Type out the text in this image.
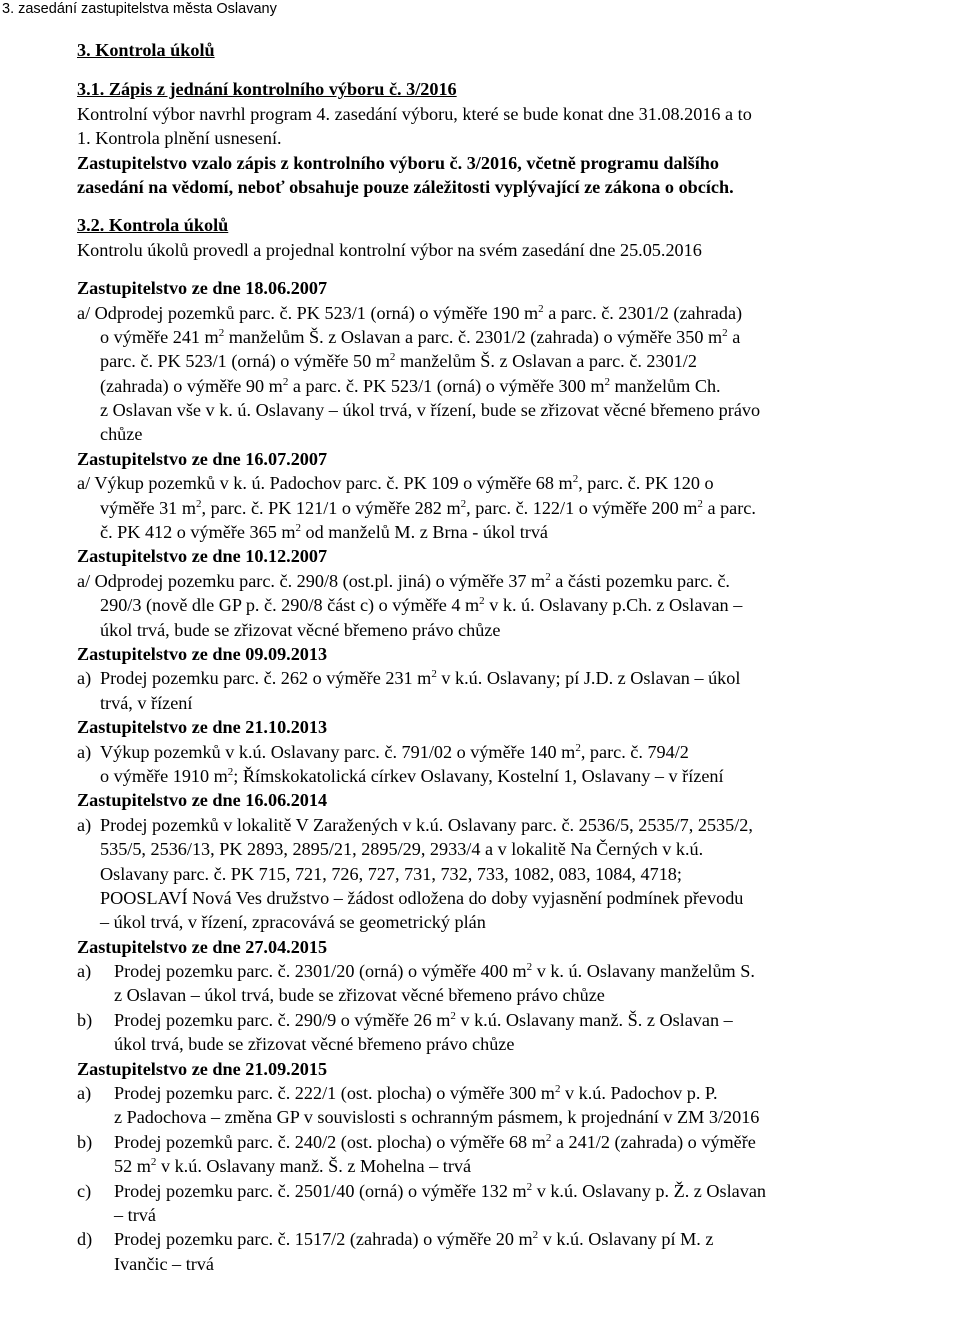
3. zasedání zastupitelstva města Oslavany
3. Kontrola úkolů
3.1. Zápis z jednání kontrolního výboru č. 3/2016
Kontrolní výbor navrhl program 4. zasedání výboru, které se bude konat dne 31.08.2016 a to
1. Kontrola plnění usnesení.
Zastupitelstvo vzalo zápis z kontrolního výboru č. 3/2016, včetně programu dalšího
zasedání na vědomí, neboť obsahuje pouze záležitosti vyplývající ze zákona o obcích.
3.2. Kontrola úkolů
Kontrolu úkolů provedl a projednal kontrolní výbor na svém zasedání dne 25.05.2016
Zastupitelstvo ze dne 18.06.2007
a/ Odprodej pozemků parc. č. PK 523/1 (orná) o výměře 190 $m^2$ a parc. č. 2301/2 (zahrada)
o výměře 241 $m^2$ manželům Š. z Oslavan a parc. č. 2301/2 (zahrada) o výměře 350 $m^2$ a
parc. č. PK 523/1 (orná) o výměře 50 $m^2$ manželům Š. z Oslavan a parc. č. 2301/2
(zahrada) o výměře 90 $m^2$ a parc. č. PK 523/1 (orná) o výměře 300 $m^2$ manželům Ch.
z Oslavan vše v k. ú. Oslavany – úkol trvá, v řízení, bude se zřizovat věcné břemeno právo
chůze
Zastupitelstvo ze dne 16.07.2007
a/ Výkup pozemků v k. ú. Padochov parc. č. PK 109 o výměře 68 $m^2$, parc. č. PK 120 o
výměře 31 $m^2$, parc. č. PK 121/1 o výměře 282 $m^2$, parc. č. 122/1 o výměře 200 $m^2$ a parc.
č. PK 412 o výměře 365 $m^2$ od manželů M. z Brna - úkol trvá
Zastupitelstvo ze dne 10.12.2007
a/ Odprodej pozemku parc. č. 290/8 (ost.pl. jiná) o výměře 37 $m^2$ a části pozemku parc. č.
290/3 (nově dle GP p. č. 290/8 část c) o výměře 4 $m^2$ v k. ú. Oslavany p.Ch. z Oslavan –
úkol trvá, bude se zřizovat věcné břemeno právo chůze
Zastupitelstvo ze dne 09.09.2013
a) Prodej pozemku parc. č. 262 o výměře 231 $m^2$ v k.ú. Oslavany; pí J.D. z Oslavan – úkol
trvá, v řízení
Zastupitelstvo ze dne 21.10.2013
a) Výkup pozemků v k.ú. Oslavany parc. č. 791/02 o výměře 140 $m^2$, parc. č. 794/2
o výměře 1910 $m^2$; Římskokatolická církev Oslavany, Kostelní 1, Oslavany – v řízení
Zastupitelstvo ze dne 16.06.2014
a) Prodej pozemků v lokalitě V Zaražených v k.ú. Oslavany parc. č. 2536/5, 2535/7, 2535/2,
535/5, 2536/13, PK 2893, 2895/21, 2895/29, 2933/4 a v lokalitě Na Černých v k.ú.
Oslavany parc. č. PK 715, 721, 726, 727, 731, 732, 733, 1082, 083, 1084, 4718;
POOSLAVÍ Nová Ves družstvo – žádost odložena do doby vyjasnění podmínek převodu
– úkol trvá, v řízení, zpracovává se geometrický plán
Zastupitelstvo ze dne 27.04.2015
a)	Prodej pozemku parc. č. 2301/20 (orná) o výměře 400 $m^2$ v k. ú. Oslavany manželům S.
z Oslavan – úkol trvá, bude se zřizovat věcné břemeno právo chůze
b)	Prodej pozemku parc. č. 290/9 o výměře 26 $m^2$ v k.ú. Oslavany manž. Š. z Oslavan –
úkol trvá, bude se zřizovat věcné břemeno právo chůze
Zastupitelstvo ze dne 21.09.2015
a)	Prodej pozemku parc. č. 222/1 (ost. plocha) o výměře 300 $m^2$ v k.ú. Padochov p. P.
z Padochova – změna GP v souvislosti s ochranným pásmem, k projednání v ZM 3/2016
b)	Prodej pozemků parc. č. 240/2 (ost. plocha) o výměře 68 $m^2$ a 241/2 (zahrada) o výměře
52 $m^2$ v k.ú. Oslavany manž. Š. z Mohelna – trvá
c)	Prodej pozemku parc. č. 2501/40 (orná) o výměře 132 $m^2$ v k.ú. Oslavany p. Ž. z Oslavan
– trvá
d)	Prodej pozemku parc. č. 1517/2 (zahrada) o výměře 20 $m^2$ v k.ú. Oslavany pí M. z
Ivančic – trvá
